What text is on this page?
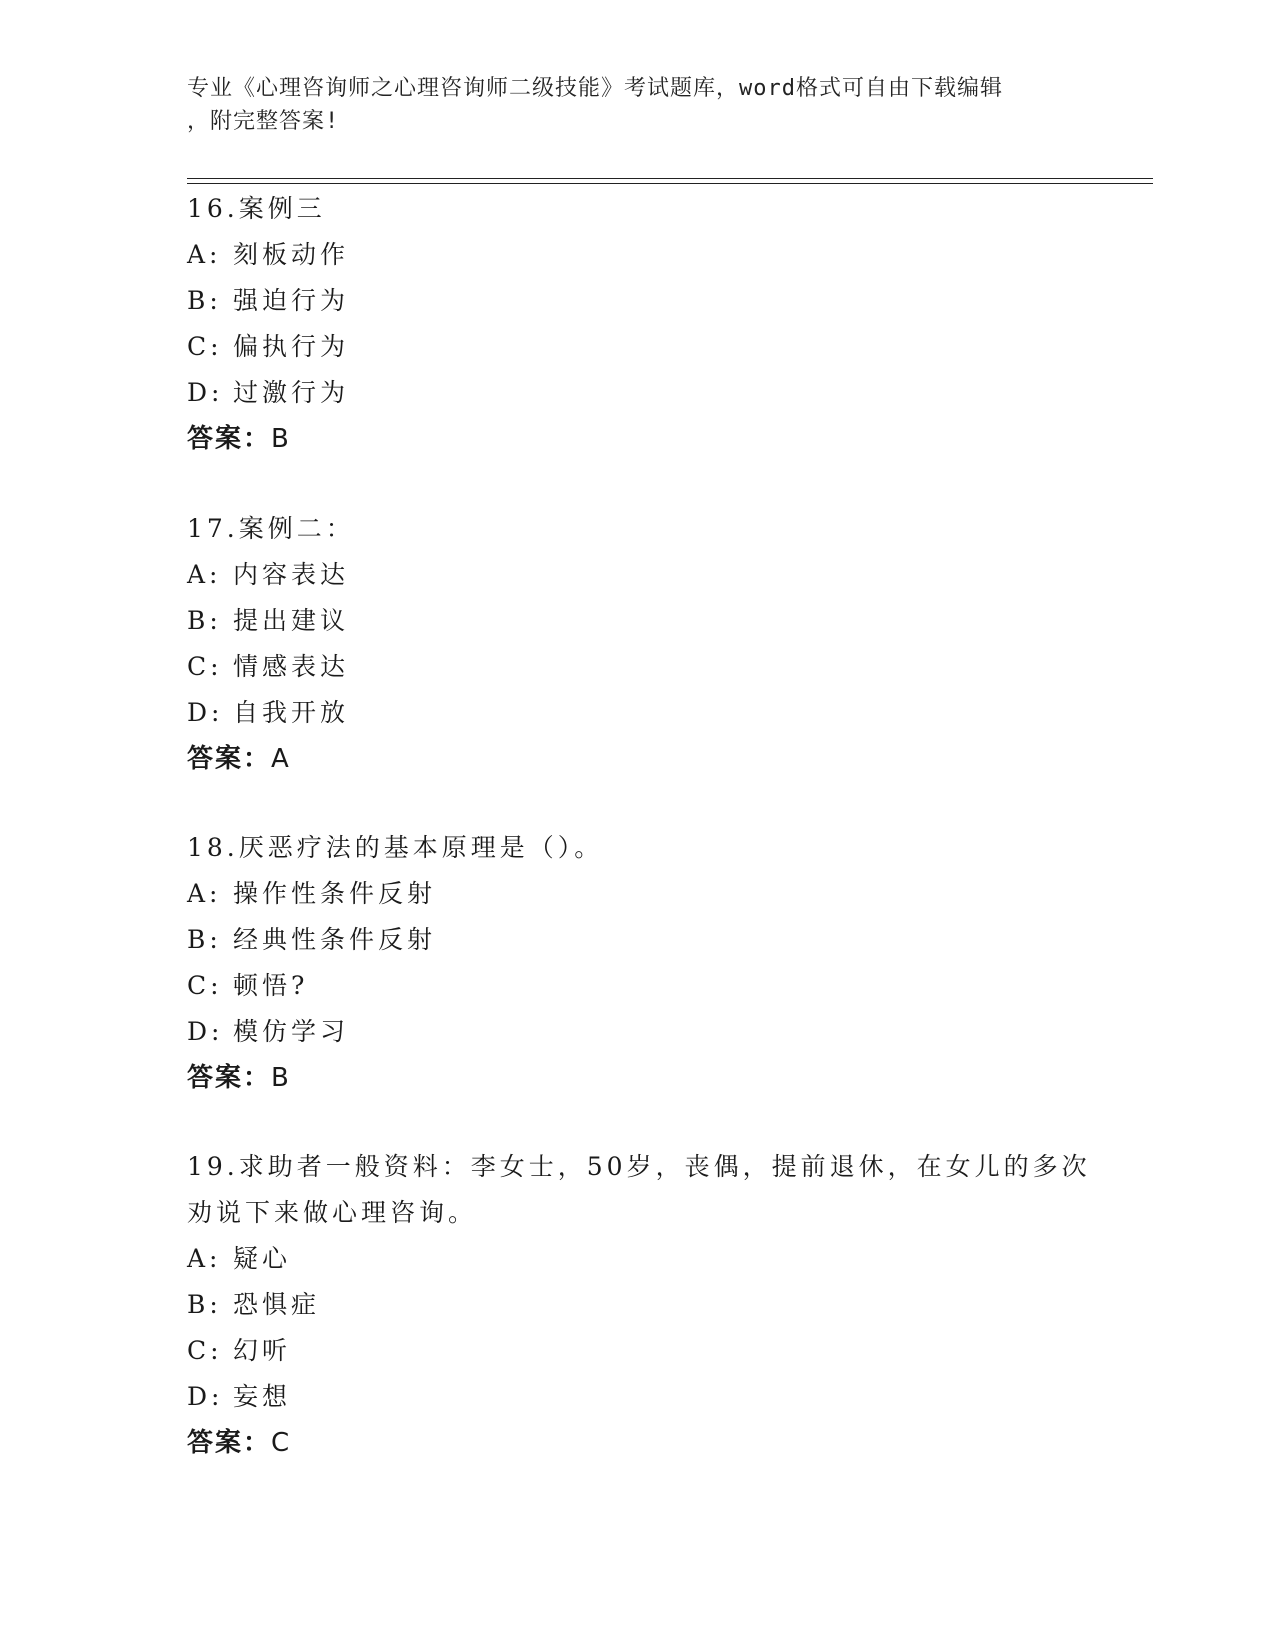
专业《心理咨询师之心理咨询师二级技能》考试题库，word格式可自由下载编辑
，附完整答案!
16.案例三
A: 刻板动作
B: 强迫行为
C: 偏执行为
D: 过激行为
答案：B
17.案例二：
A: 内容表达
B: 提出建议
C: 情感表达
D: 自我开放
答案：A
18.厌恶疗法的基本原理是（）。
A: 操作性条件反射
B: 经典性条件反射
C: 顿悟?
D: 模仿学习
答案：B
19.求助者一般资料：李女士，50岁，丧偶，提前退休，在女儿的多次
劝说下来做心理咨询。
A: 疑心
B: 恐惧症
C: 幻听
D: 妄想
答案：C
